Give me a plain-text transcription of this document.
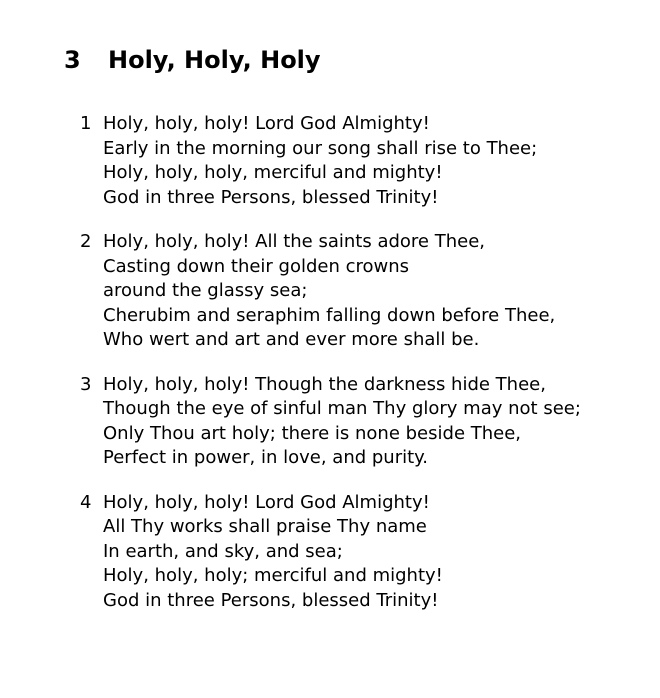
3 Holy, Holy, Holy
1 Holy, holy, holy! Lord God Almighty!
Early in the morning our song shall rise to Thee;
Holy, holy, holy, merciful and mighty!
God in three Persons, blessed Trinity!
2 Holy, holy, holy! All the saints adore Thee,
Casting down their golden crowns
around the glassy sea;
Cherubim and seraphim falling down before Thee,
Who wert and art and ever more shall be.
3 Holy, holy, holy! Though the darkness hide Thee,
Though the eye of sinful man Thy glory may not see;
Only Thou art holy; there is none beside Thee,
Perfect in power, in love, and purity.
4 Holy, holy, holy! Lord God Almighty!
All Thy works shall praise Thy name
In earth, and sky, and sea;
Holy, holy, holy; merciful and mighty!
God in three Persons, blessed Trinity!
